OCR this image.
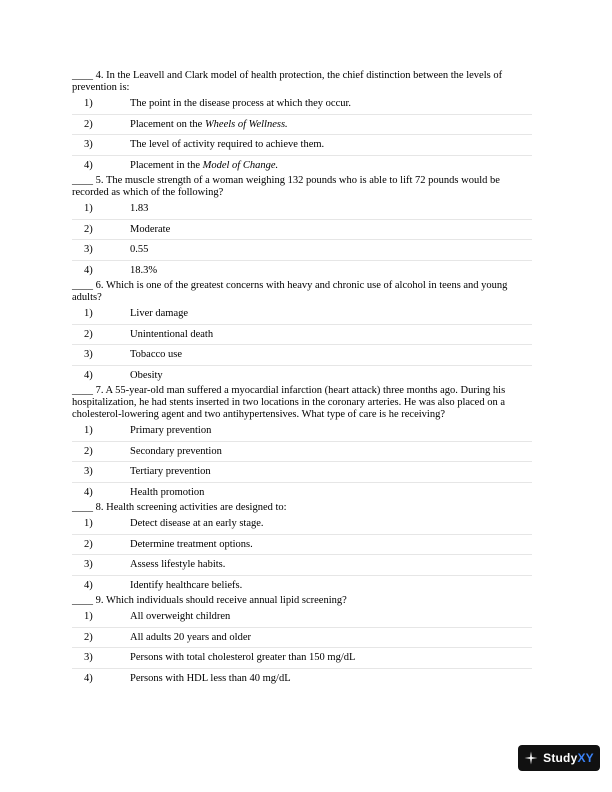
____ 4. In the Leavell and Clark model of health protection, the chief distinction between the levels of prevention is:

1)	The point in the disease process at which they occur.
2)	Placement on the Wheels of Wellness.
3)	The level of activity required to achieve them.
4)	Placement in the Model of Change.

____ 5. The muscle strength of a woman weighing 132 pounds who is able to lift 72 pounds would be recorded as which of the following?

1)	1.83
2)	Moderate
3)	0.55
4)	18.3%

____ 6. Which is one of the greatest concerns with heavy and chronic use of alcohol in teens and young adults?

1)	Liver damage
2)	Unintentional death
3)	Tobacco use
4)	Obesity

____ 7. A 55-year-old man suffered a myocardial infarction (heart attack) three months ago. During his hospitalization, he had stents inserted in two locations in the coronary arteries. He was also placed on a cholesterol-lowering agent and two antihypertensives. What type of care is he receiving?

1)	Primary prevention
2)	Secondary prevention
3)	Tertiary prevention
4)	Health promotion

____ 8. Health screening activities are designed to:

1)	Detect disease at an early stage.
2)	Determine treatment options.
3)	Assess lifestyle habits.
4)	Identify healthcare beliefs.

____ 9. Which individuals should receive annual lipid screening?

1)	All overweight children
2)	All adults 20 years and older
3)	Persons with total cholesterol greater than 150 mg/dL
4)	Persons with HDL less than 40 mg/dL
StudyXY
